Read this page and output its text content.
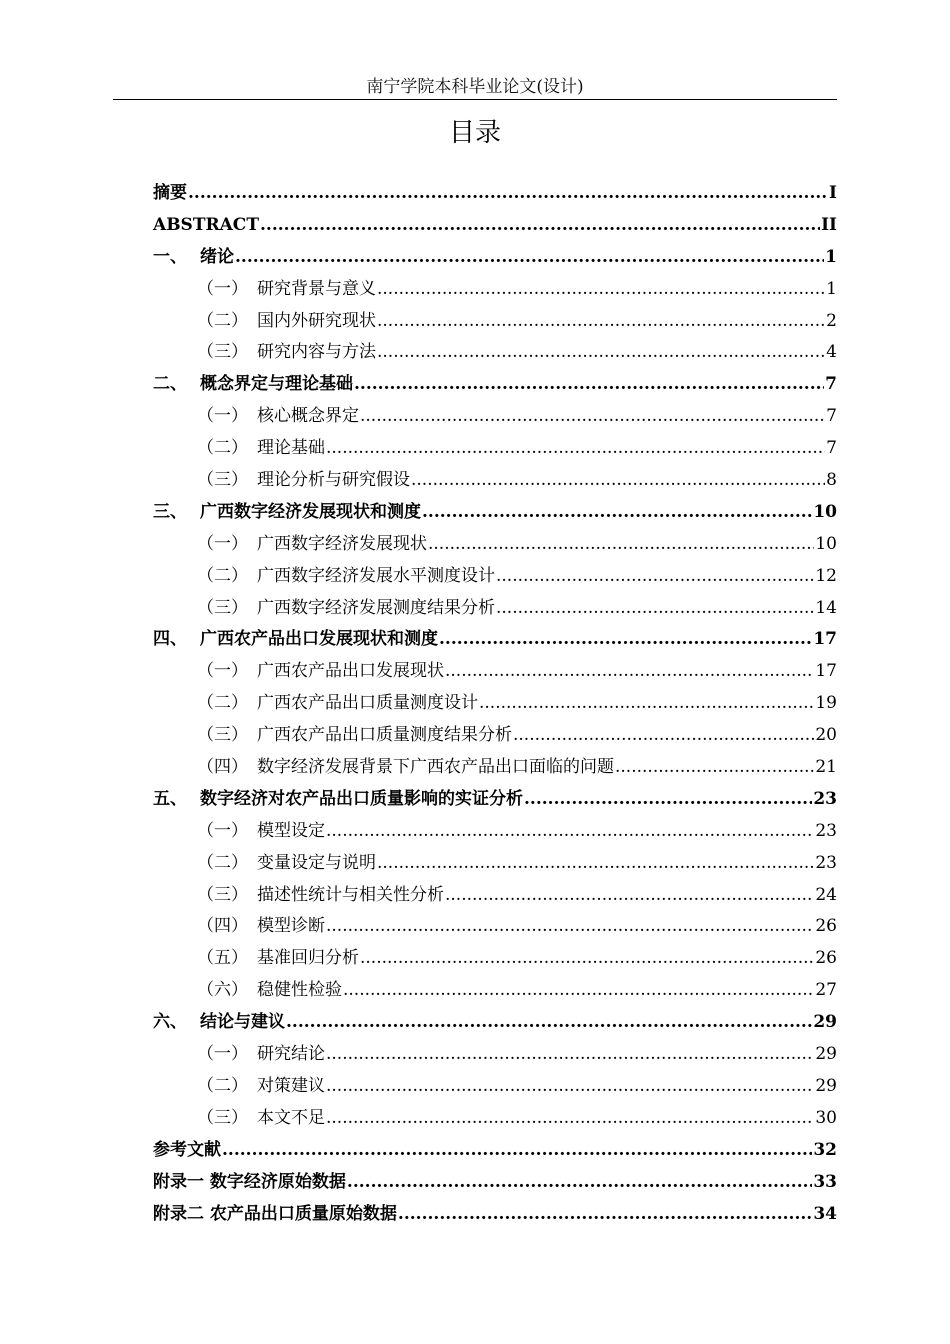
南宁学院本科毕业论文(设计)
目录
摘要 .....	I
ABSTRACT .....	II
一、 绪论 .....	1
（一） 研究背景与意义 .....	1
（二） 国内外研究现状 .....	2
（三） 研究内容与方法 .....	4
二、 概念界定与理论基础 .....	7
（一） 核心概念界定 .....	7
（二） 理论基础 .....	7
（三） 理论分析与研究假设 .....	8
三、 广西数字经济发展现状和测度 .....	10
（一） 广西数字经济发展现状 .....	10
（二） 广西数字经济发展水平测度设计 .....	12
（三） 广西数字经济发展测度结果分析 .....	14
四、 广西农产品出口发展现状和测度 .....	17
（一） 广西农产品出口发展现状 .....	17
（二） 广西农产品出口质量测度设计 .....	19
（三） 广西农产品出口质量测度结果分析 .....	20
（四） 数字经济发展背景下广西农产品出口面临的问题 .....	21
五、 数字经济对农产品出口质量影响的实证分析 .....	23
（一） 模型设定 .....	23
（二） 变量设定与说明 .....	23
（三） 描述性统计与相关性分析 .....	24
（四） 模型诊断 .....	26
（五） 基准回归分析 .....	26
（六） 稳健性检验 .....	27
六、 结论与建议 .....	29
（一） 研究结论 .....	29
（二） 对策建议 .....	29
（三） 本文不足 .....	30
参考文献 .....	32
附录一 数字经济原始数据 .....	33
附录二 农产品出口质量原始数据 .....	34
